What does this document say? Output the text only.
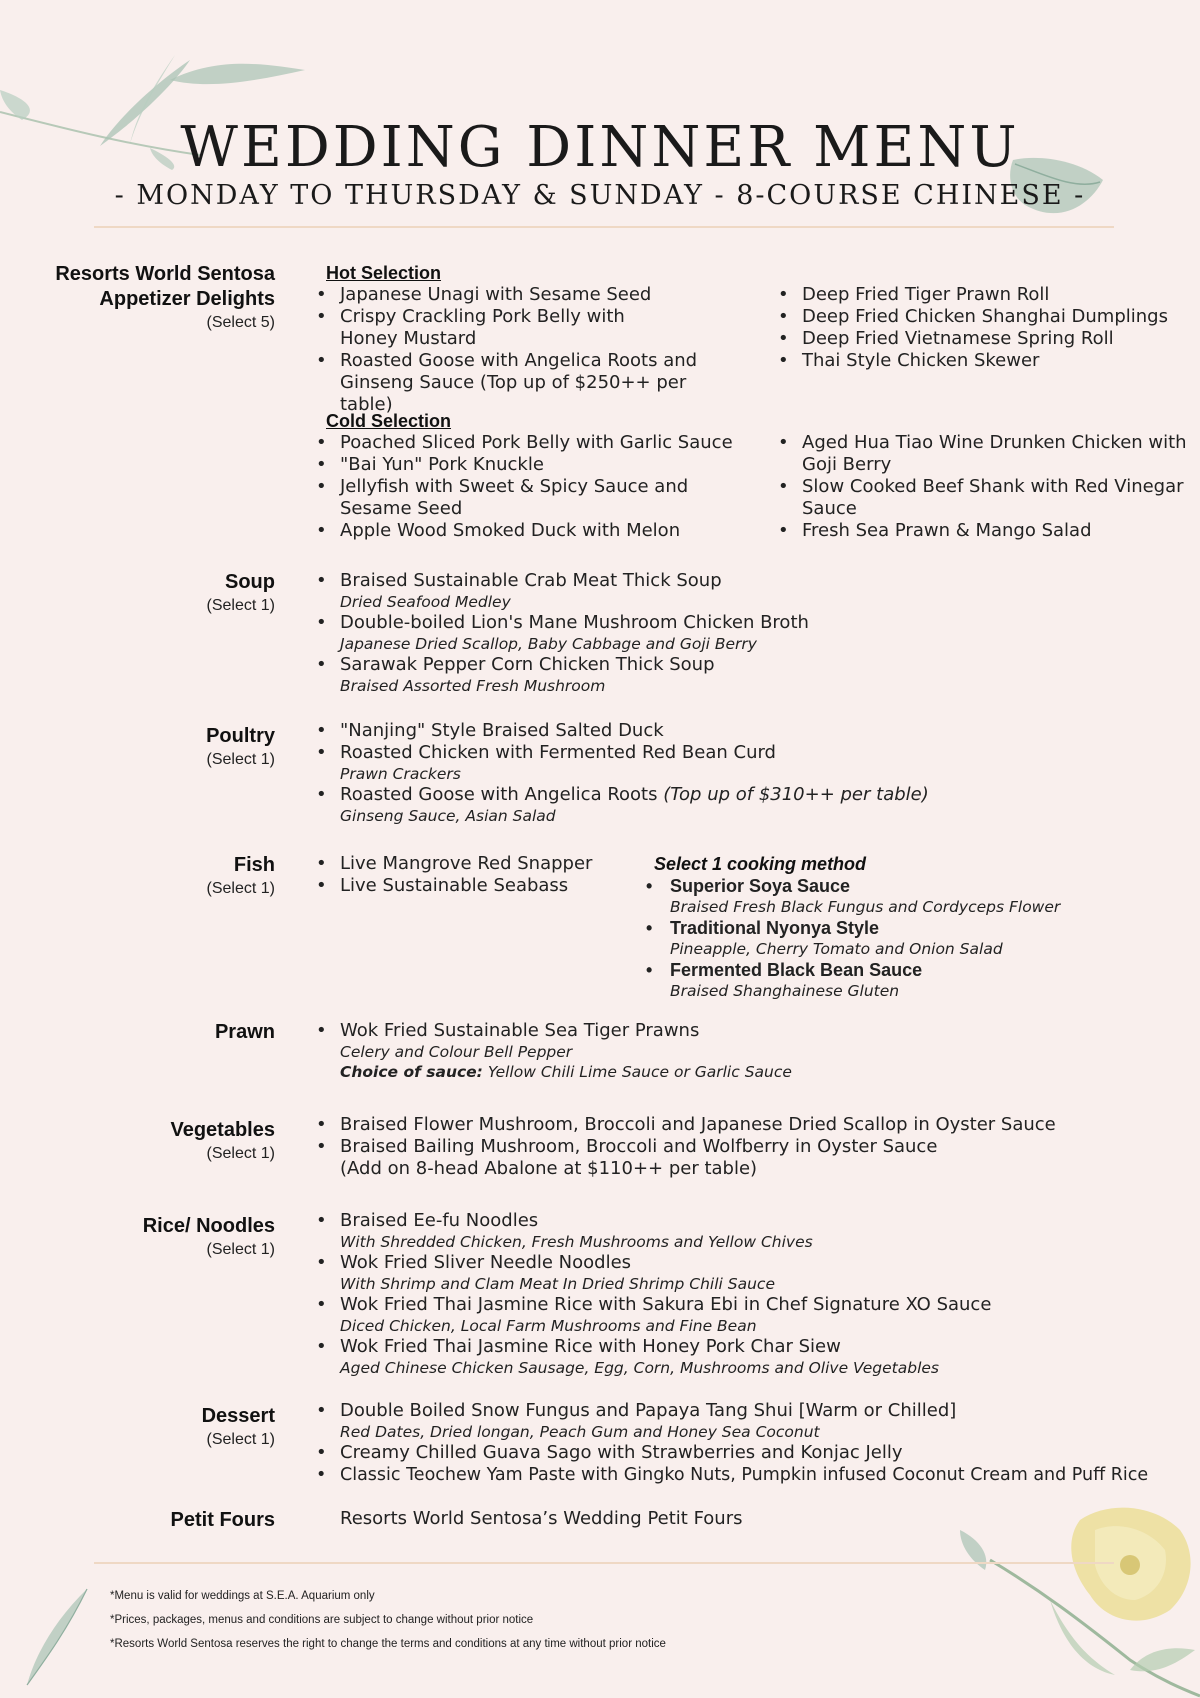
WEDDING DINNER MENU
- MONDAY TO THURSDAY & SUNDAY - 8-COURSE CHINESE -
Resorts World Sentosa
Appetizer Delights
(Select 5)
Hot Selection
• Japanese Unagi with Sesame Seed
• Crispy Crackling Pork Belly with Honey Mustard
• Roasted Goose with Angelica Roots and Ginseng Sauce (Top up of $250++ per table)
• Deep Fried Tiger Prawn Roll
• Deep Fried Chicken Shanghai Dumplings
• Deep Fried Vietnamese Spring Roll
• Thai Style Chicken Skewer
Cold Selection
• Poached Sliced Pork Belly with Garlic Sauce
• "Bai Yun" Pork Knuckle
• Jellyfish with Sweet & Spicy Sauce and Sesame Seed
• Apple Wood Smoked Duck with Melon
• Aged Hua Tiao Wine Drunken Chicken with Goji Berry
• Slow Cooked Beef Shank with Red Vinegar Sauce
• Fresh Sea Prawn & Mango Salad
Soup
(Select 1)
• Braised Sustainable Crab Meat Thick Soup
Dried Seafood Medley
• Double-boiled Lion's Mane Mushroom Chicken Broth
Japanese Dried Scallop, Baby Cabbage and Goji Berry
• Sarawak Pepper Corn Chicken Thick Soup
Braised Assorted Fresh Mushroom
Poultry
(Select 1)
• "Nanjing" Style Braised Salted Duck
• Roasted Chicken with Fermented Red Bean Curd
Prawn Crackers
• Roasted Goose with Angelica Roots (Top up of $310++ per table)
Ginseng Sauce, Asian Salad
Fish
(Select 1)
• Live Mangrove Red Snapper
• Live Sustainable Seabass
Select 1 cooking method
• Superior Soya Sauce
Braised Fresh Black Fungus and Cordyceps Flower
• Traditional Nyonya Style
Pineapple, Cherry Tomato and Onion Salad
• Fermented Black Bean Sauce
Braised Shanghainese Gluten
Prawn	• Wok Fried Sustainable Sea Tiger Prawns
Celery and Colour Bell Pepper
Choice of sauce: Yellow Chili Lime Sauce or Garlic Sauce
Vegetables
(Select 1)
• Braised Flower Mushroom, Broccoli and Japanese Dried Scallop in Oyster Sauce
• Braised Bailing Mushroom, Broccoli and Wolfberry in Oyster Sauce
(Add on 8-head Abalone at $110++ per table)
Rice/ Noodles
(Select 1)
• Braised Ee-fu Noodles
With Shredded Chicken, Fresh Mushrooms and Yellow Chives
• Wok Fried Sliver Needle Noodles
With Shrimp and Clam Meat In Dried Shrimp Chili Sauce
• Wok Fried Thai Jasmine Rice with Sakura Ebi in Chef Signature XO Sauce
Diced Chicken, Local Farm Mushrooms and Fine Bean
• Wok Fried Thai Jasmine Rice with Honey Pork Char Siew
Aged Chinese Chicken Sausage, Egg, Corn, Mushrooms and Olive Vegetables
Dessert
(Select 1)
• Double Boiled Snow Fungus and Papaya Tang Shui [Warm or Chilled]
Red Dates, Dried longan, Peach Gum and Honey Sea Coconut
• Creamy Chilled Guava Sago with Strawberries and Konjac Jelly
• Classic Teochew Yam Paste with Gingko Nuts, Pumpkin infused Coconut Cream and Puff Rice
Petit Fours	Resorts World Sentosa’s Wedding Petit Fours
*Menu is valid for weddings at S.E.A. Aquarium only
*Prices, packages, menus and conditions are subject to change without prior notice
*Resorts World Sentosa reserves the right to change the terms and conditions at any time without prior notice
